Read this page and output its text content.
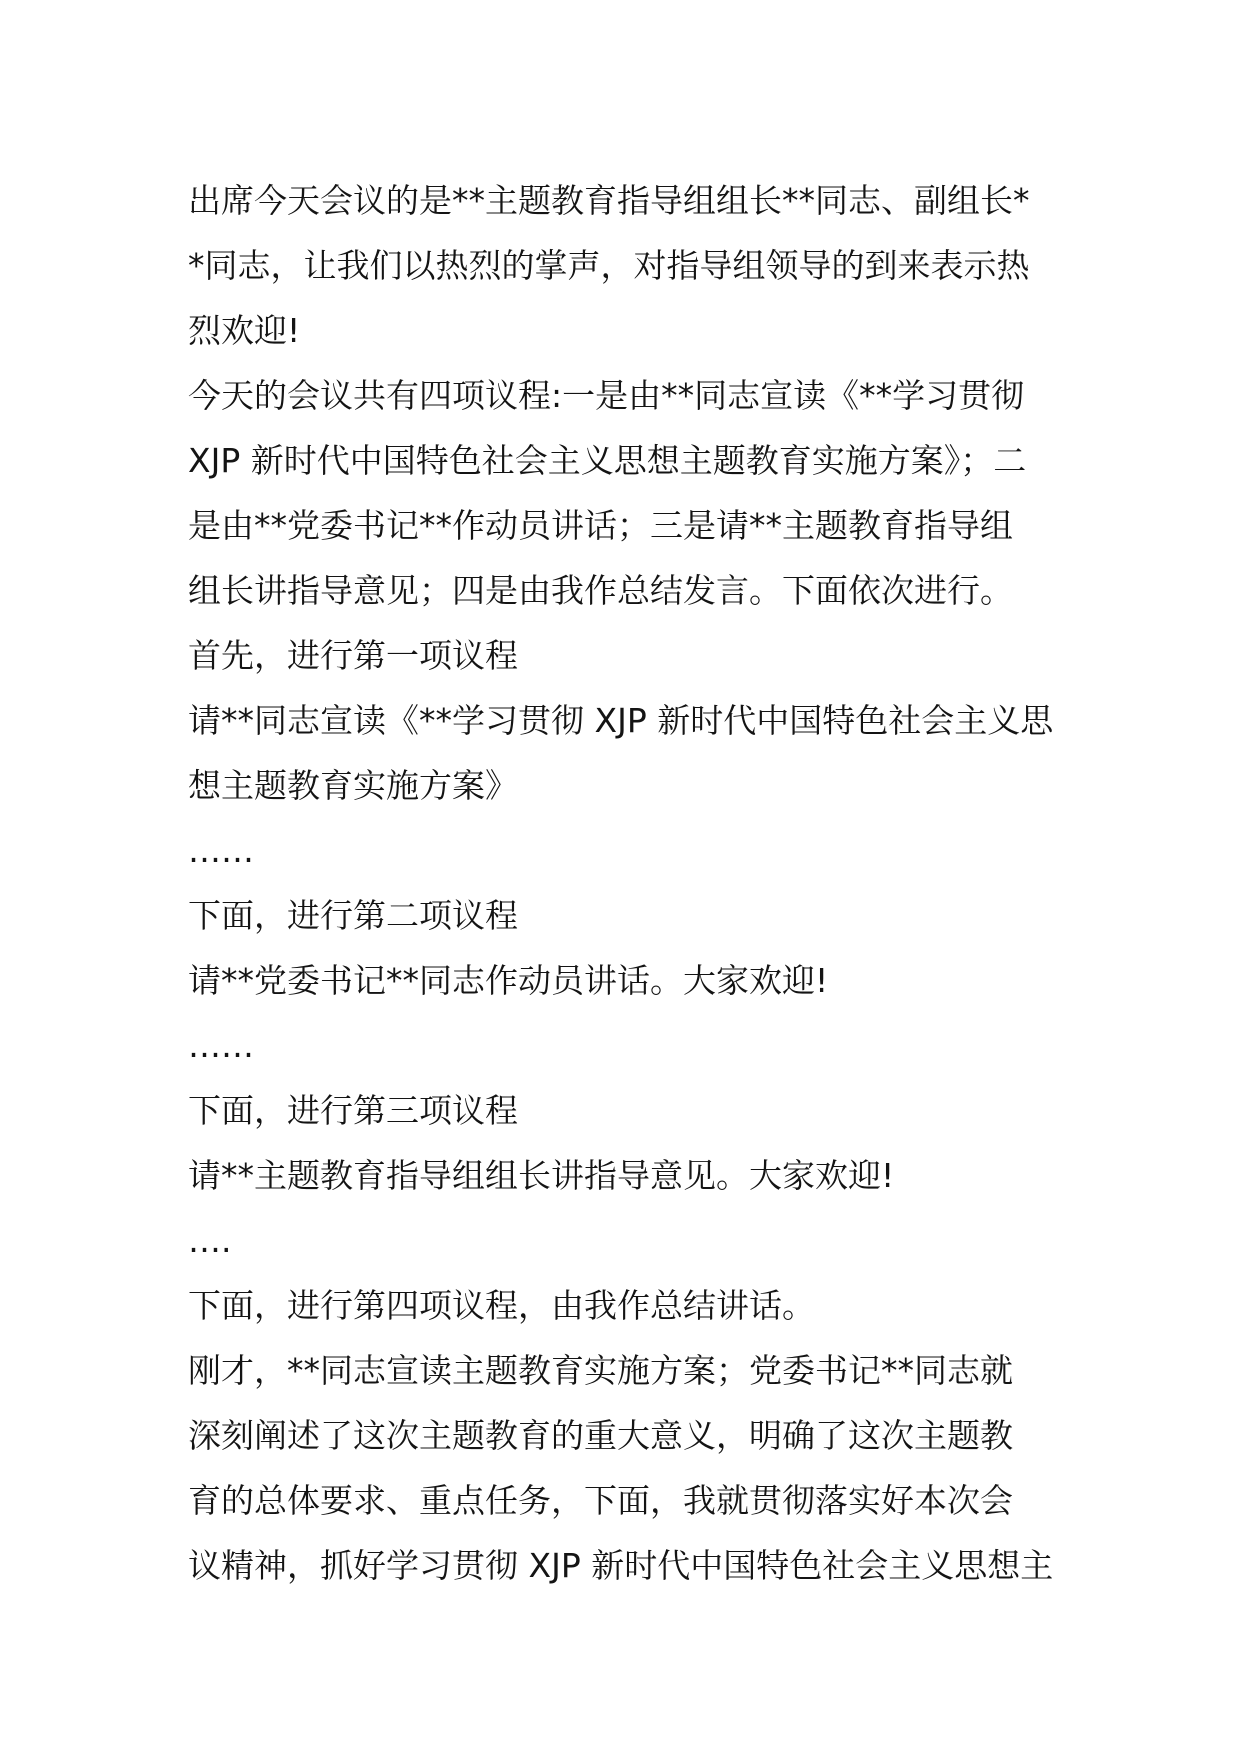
出席今天会议的是**主题教育指导组组长**同志、副组长*
*同志，让我们以热烈的掌声，对指导组领导的到来表示热
烈欢迎!
今天的会议共有四项议程:一是由**同志宣读《**学习贯彻
XJP 新时代中国特色社会主义思想主题教育实施方案》；二
是由**党委书记**作动员讲话；三是请**主题教育指导组
组长讲指导意见；四是由我作总结发言。下面依次进行。
首先，进行第一项议程
请**同志宣读《**学习贯彻 XJP 新时代中国特色社会主义思
想主题教育实施方案》
……
下面，进行第二项议程
请**党委书记**同志作动员讲话。大家欢迎!
……
下面，进行第三项议程
请**主题教育指导组组长讲指导意见。大家欢迎!
….
下面，进行第四项议程，由我作总结讲话。
刚才，**同志宣读主题教育实施方案；党委书记**同志就
深刻阐述了这次主题教育的重大意义，明确了这次主题教
育的总体要求、重点任务，下面，我就贯彻落实好本次会
议精神，抓好学习贯彻 XJP 新时代中国特色社会主义思想主
